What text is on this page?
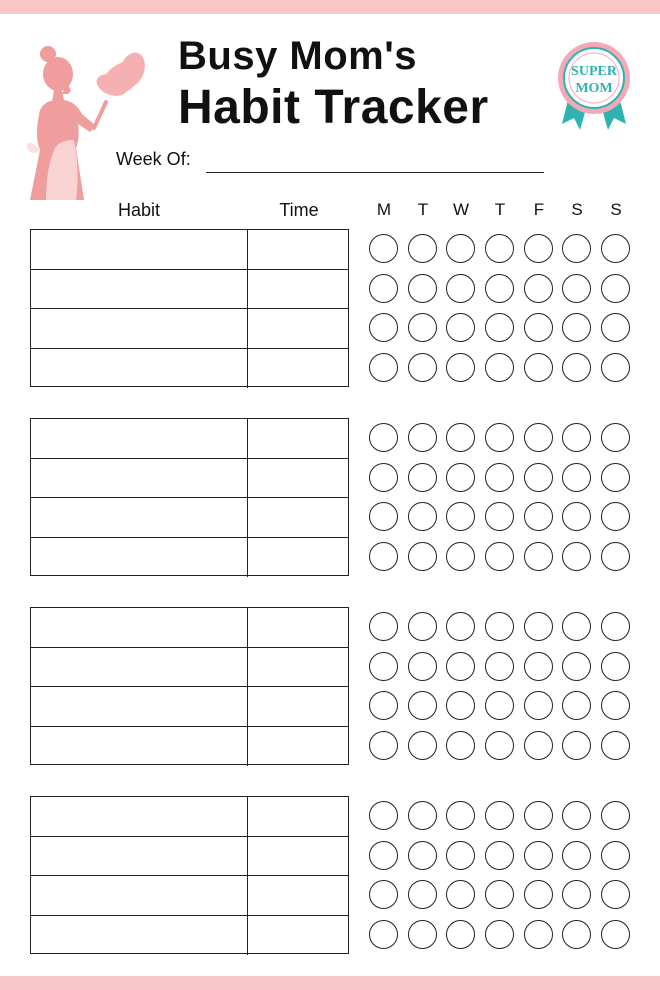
SUPER
MOM
Busy Mom's
Habit Tracker
Week Of:
Habit	Time	M	T	W	T	F	S	S
